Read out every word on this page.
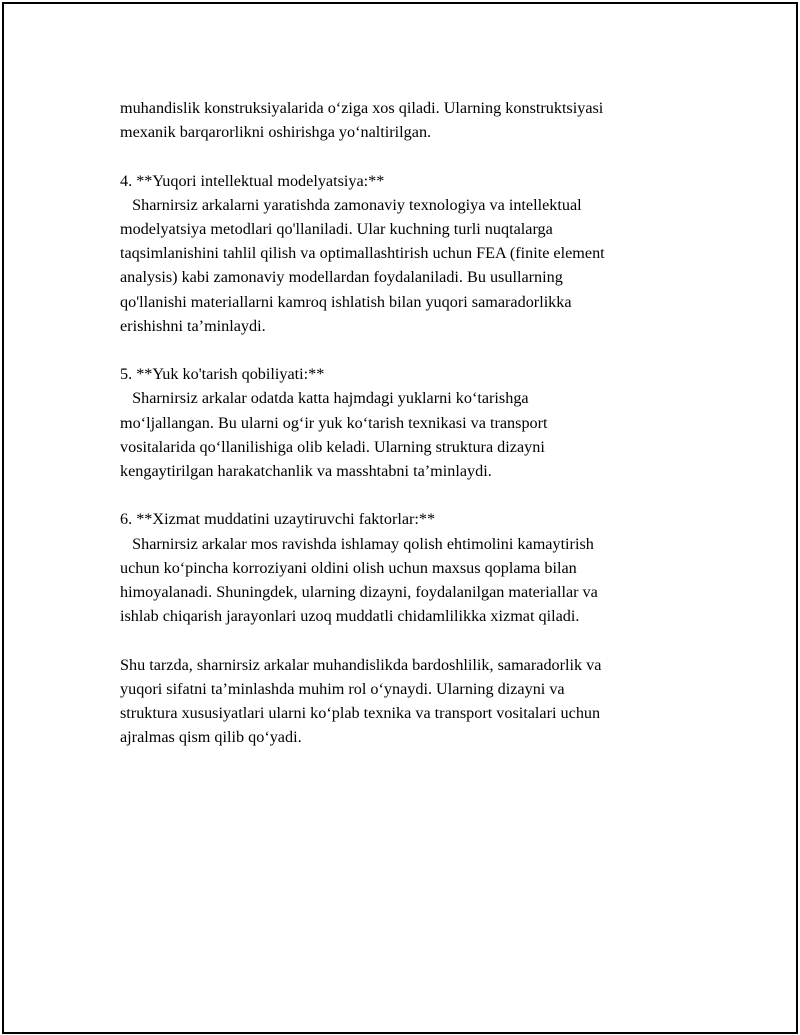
muhandislik konstruksiyalarida o‘ziga xos qiladi. Ularning konstruktsiyasi
mexanik barqarorlikni oshirishga yo‘naltirilgan.

4. **Yuqori intellektual modelyatsiya:**
Sharnirsiz arkalarni yaratishda zamonaviy texnologiya va intellektual
modelyatsiya metodlari qo'llaniladi. Ular kuchning turli nuqtalarga
taqsimlanishini tahlil qilish va optimallashtirish uchun FEA (finite element
analysis) kabi zamonaviy modellardan foydalaniladi. Bu usullarning
qo'llanishi materiallarni kamroq ishlatish bilan yuqori samaradorlikka
erishishni ta’minlaydi.

5. **Yuk ko'tarish qobiliyati:**
Sharnirsiz arkalar odatda katta hajmdagi yuklarni ko‘tarishga
mo‘ljallangan. Bu ularni og‘ir yuk ko‘tarish texnikasi va transport
vositalarida qo‘llanilishiga olib keladi. Ularning struktura dizayni
kengaytirilgan harakatchanlik va masshtabni ta’minlaydi.

6. **Xizmat muddatini uzaytiruvchi faktorlar:**
Sharnirsiz arkalar mos ravishda ishlamay qolish ehtimolini kamaytirish
uchun ko‘pincha korroziyani oldini olish uchun maxsus qoplama bilan
himoyalanadi. Shuningdek, ularning dizayni, foydalanilgan materiallar va
ishlab chiqarish jarayonlari uzoq muddatli chidamlilikka xizmat qiladi.

Shu tarzda, sharnirsiz arkalar muhandislikda bardoshlilik, samaradorlik va
yuqori sifatni ta’minlashda muhim rol o‘ynaydi. Ularning dizayni va
struktura xususiyatlari ularni ko‘plab texnika va transport vositalari uchun
ajralmas qism qilib qo‘yadi.
